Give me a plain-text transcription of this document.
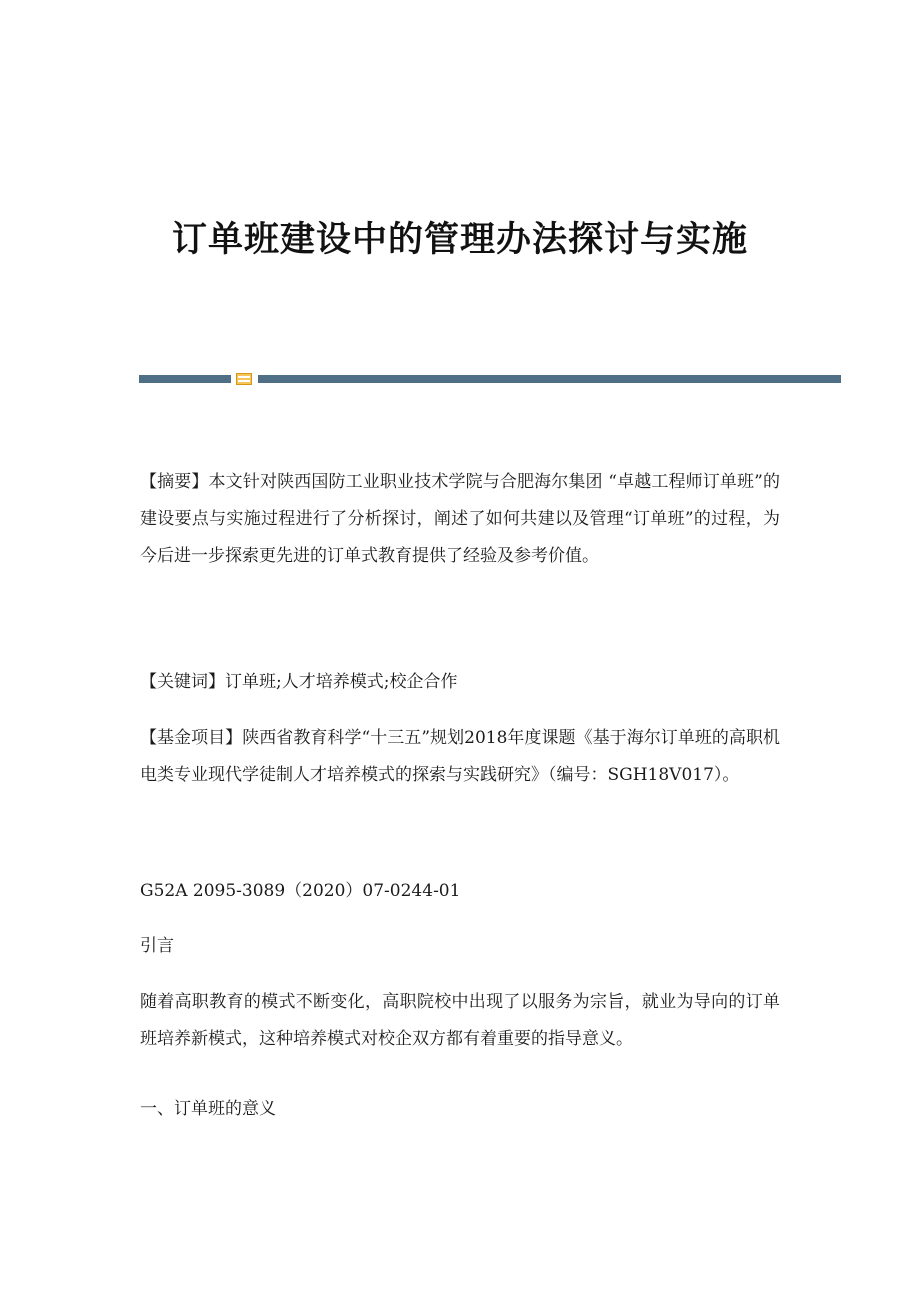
订单班建设中的管理办法探讨与实施

【摘要】本文针对陕西国防工业职业技术学院与合肥海尔集团 “卓越工程师订单班”的建设要点与实施过程进行了分析探讨，阐述了如何共建以及管理“订单班”的过程，为今后进一步探索更先进的订单式教育提供了经验及参考价值。

【关键词】订单班;人才培养模式;校企合作

【基金项目】陕西省教育科学“十三五”规划2018年度课题《基于海尔订单班的高职机电类专业现代学徒制人才培养模式的探索与实践研究》（编号：SGH18V017）。

G52A 2095-3089（2020）07-0244-01

引言

随着高职教育的模式不断变化，高职院校中出现了以服务为宗旨，就业为导向的订单班培养新模式，这种培养模式对校企双方都有着重要的指导意义。

一、订单班的意义
